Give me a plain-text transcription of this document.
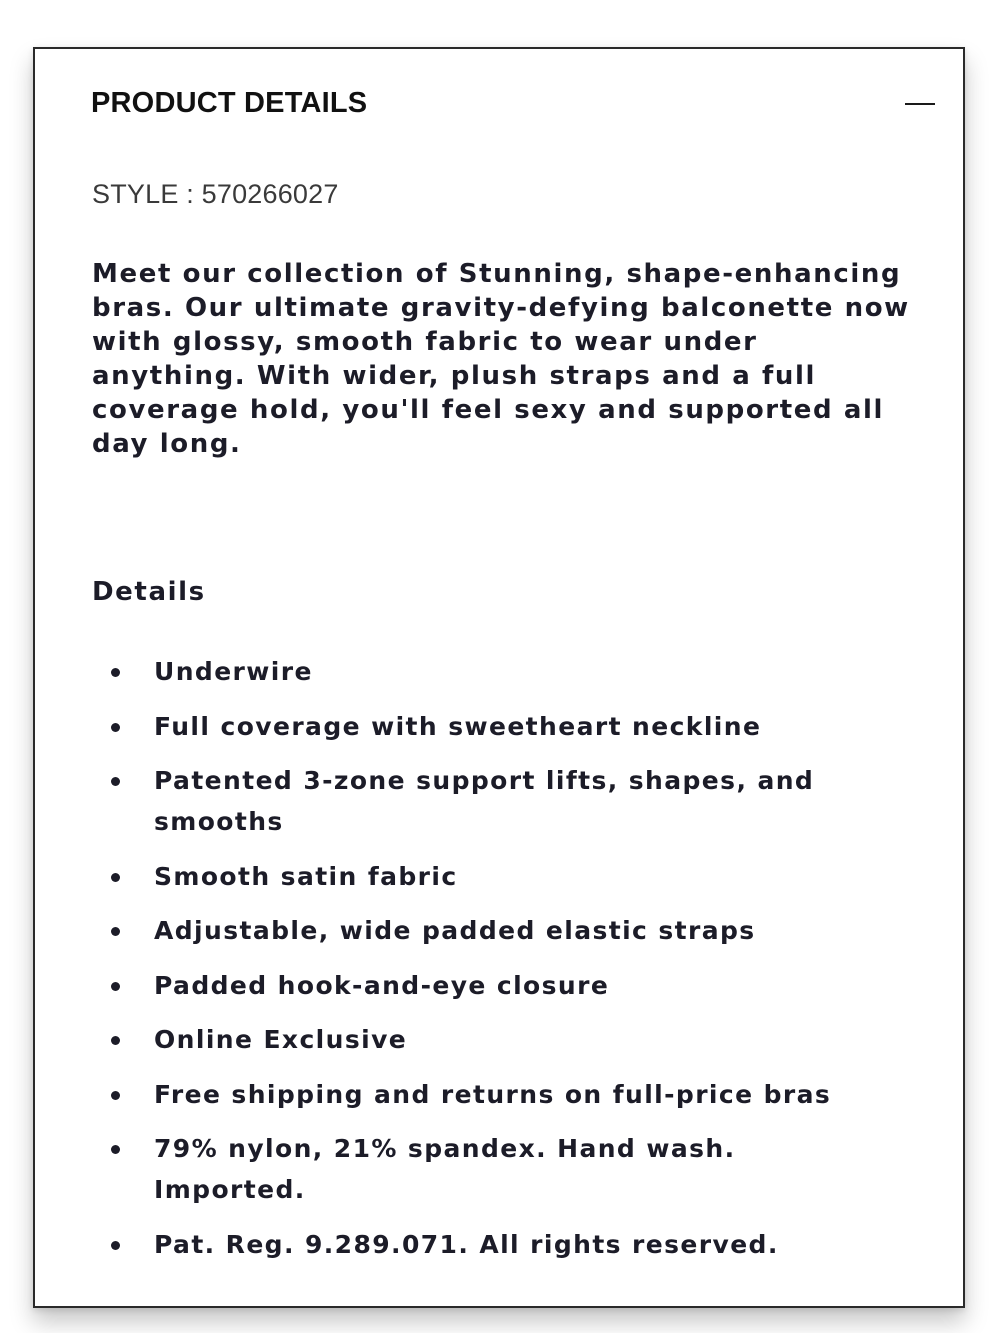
PRODUCT DETAILS
STYLE : 570266027

Meet our collection of Stunning, shape-enhancing bras. Our ultimate gravity-defying balconette now with glossy, smooth fabric to wear under anything. With wider, plush straps and a full coverage hold, you'll feel sexy and supported all day long.

Details
Underwire
Full coverage with sweetheart neckline
Patented 3-zone support lifts, shapes, and smooths
Smooth satin fabric
Adjustable, wide padded elastic straps
Padded hook-and-eye closure
Online Exclusive
Free shipping and returns on full-price bras
79% nylon, 21% spandex. Hand wash. Imported.
Pat. Reg. 9.289.071. All rights reserved.
